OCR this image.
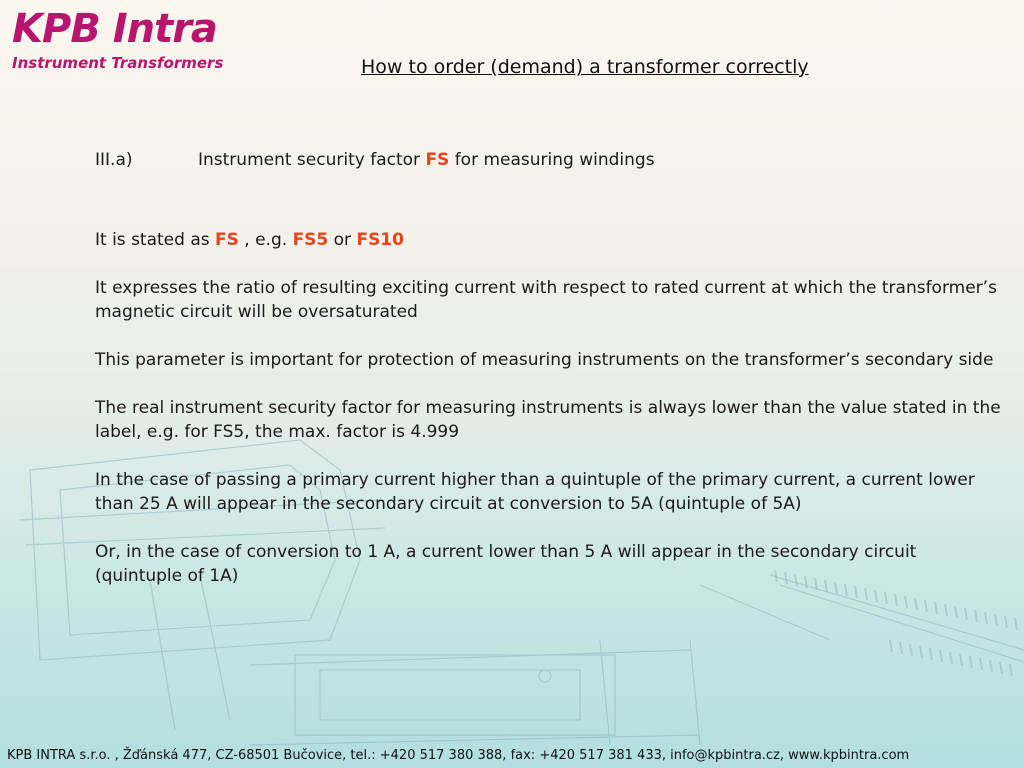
KPB Intra
Instrument Transformers	How to order (demand) a transformer correctly
III.a)	Instrument security factor FS for measuring windings

It is stated as FS , e.g. FS5 or FS10

It expresses the ratio of resulting exciting current with respect to rated current at which the transformer’s magnetic circuit will be oversaturated

This parameter is important for protection of measuring instruments on the transformer’s secondary side

The real instrument security factor for measuring instruments is always lower than the value stated in the label, e.g. for FS5, the max. factor is 4.999

In the case of passing a primary current higher than a quintuple of the primary current, a current lower than 25 A will appear in the secondary circuit at conversion to 5A (quintuple of 5A)

Or, in the case of conversion to 1 A, a current lower than 5 A will appear in the secondary circuit (quintuple of 1A)

KPB INTRA s.r.o. , Žďánská 477, CZ-68501 Bučovice, tel.: +420 517 380 388, fax: +420 517 381 433, info@kpbintra.cz, www.kpbintra.com
